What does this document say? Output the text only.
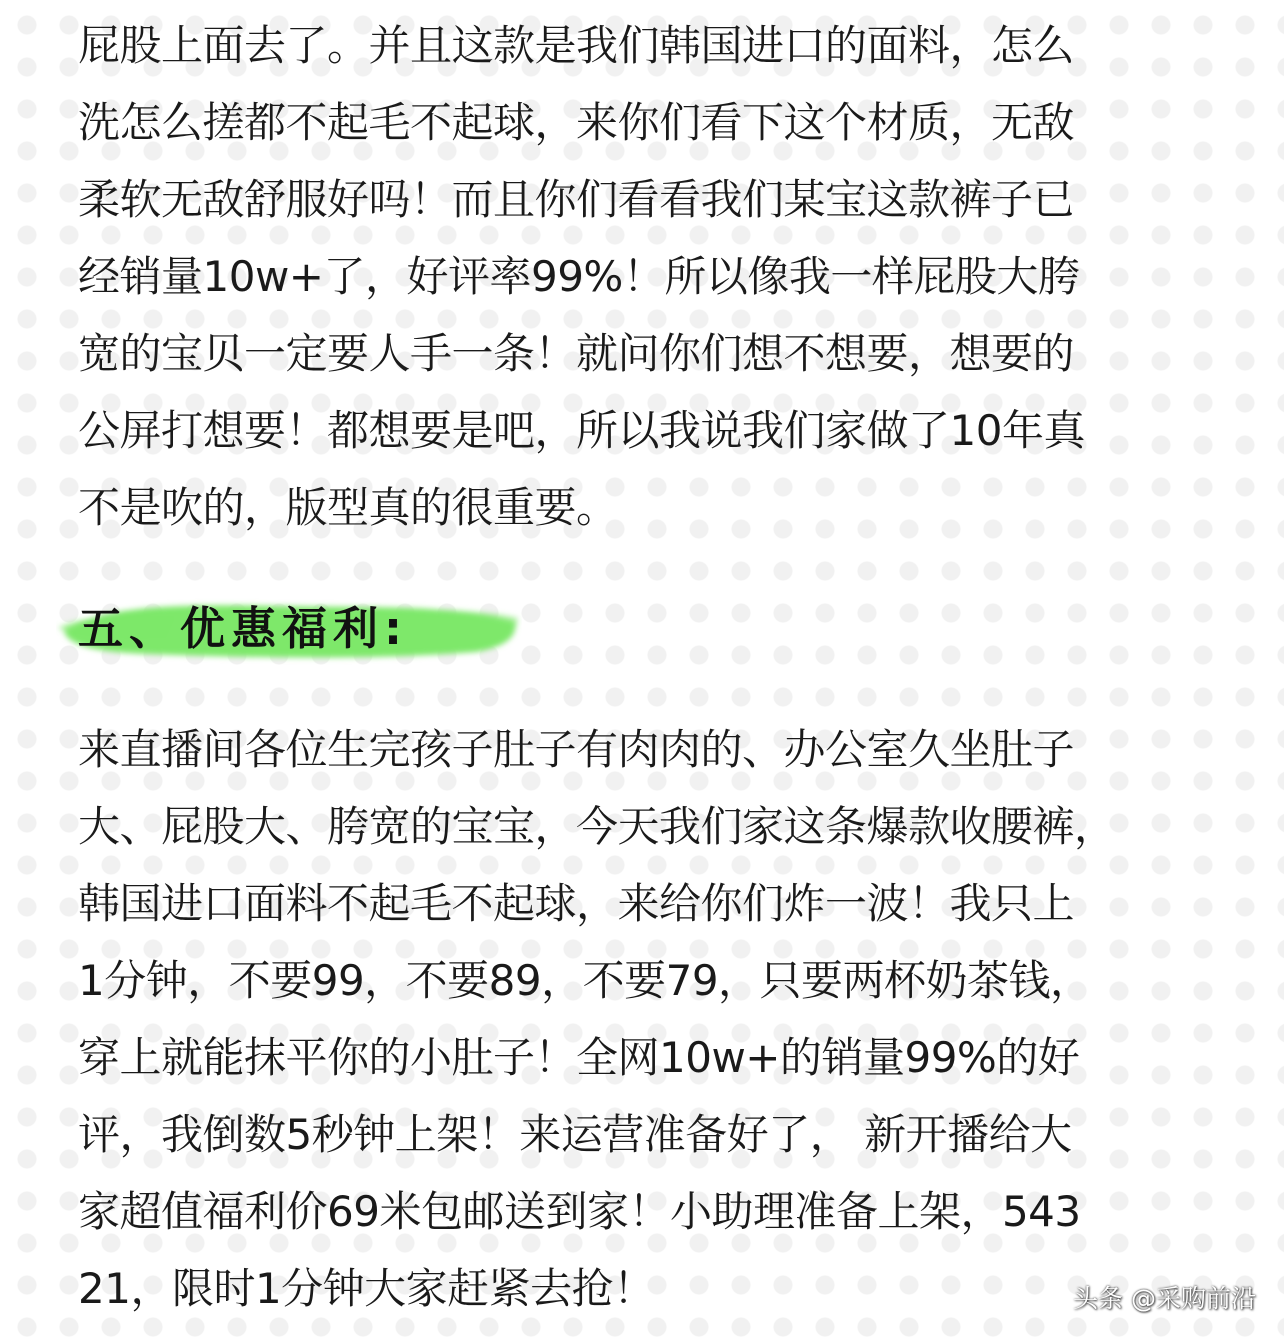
屁股上面去了。并且这款是我们韩国进口的面料，怎么
洗怎么搓都不起毛不起球，来你们看下这个材质，无敌
柔软无敌舒服好吗！而且你们看看我们某宝这款裤子已
经销量10w+了，好评率99%！所以像我一样屁股大胯
宽的宝贝一定要人手一条！就问你们想不想要，想要的
公屏打想要！都想要是吧，所以我说我们家做了10年真
不是吹的，版型真的很重要。
五、优惠福利:
来直播间各位生完孩子肚子有肉肉的、办公室久坐肚子
大、屁股大、胯宽的宝宝，今天我们家这条爆款收腰裤，
韩国进口面料不起毛不起球，来给你们炸一波！我只上
1分钟，不要99，不要89，不要79，只要两杯奶茶钱，
穿上就能抹平你的小肚子！全网10w+的销量99%的好
评，我倒数5秒钟上架！来运营准备好了， 新开播给大
家超值福利价69米包邮送到家！小助理准备上架，543
21，限时1分钟大家赶紧去抢！	头条 @采购前沿
